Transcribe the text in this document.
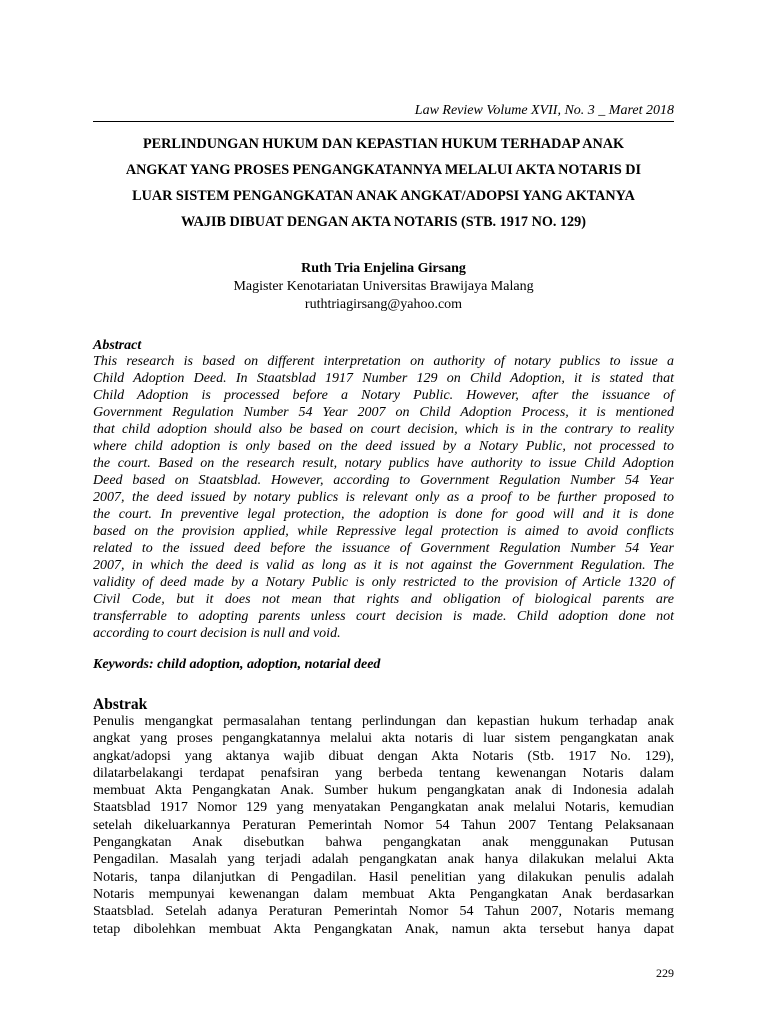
Law Review Volume XVII, No. 3 _ Maret 2018
PERLINDUNGAN HUKUM DAN KEPASTIAN HUKUM TERHADAP ANAK
ANGKAT YANG PROSES PENGANGKATANNYA MELALUI AKTA NOTARIS DI
LUAR SISTEM PENGANGKATAN ANAK ANGKAT/ADOPSI YANG AKTANYA
WAJIB DIBUAT DENGAN AKTA NOTARIS (STB. 1917 NO. 129)
Ruth Tria Enjelina Girsang
Magister Kenotariatan Universitas Brawijaya Malang
ruthtriagirsang@yahoo.com
Abstract
This research is based on different interpretation on authority of notary publics to issue a
Child Adoption Deed. In Staatsblad 1917 Number 129 on Child Adoption, it is stated that
Child Adoption is processed before a Notary Public. However, after the issuance of
Government Regulation Number 54 Year 2007 on Child Adoption Process, it is mentioned
that child adoption should also be based on court decision, which is in the contrary to reality
where child adoption is only based on the deed issued by a Notary Public, not processed to
the court. Based on the research result, notary publics have authority to issue Child Adoption
Deed based on Staatsblad. However, according to Government Regulation Number 54 Year
2007, the deed issued by notary publics is relevant only as a proof to be further proposed to
the court. In preventive legal protection, the adoption is done for good will and it is done
based on the provision applied, while Repressive legal protection is aimed to avoid conflicts
related to the issued deed before the issuance of Government Regulation Number 54 Year
2007, in which the deed is valid as long as it is not against the Government Regulation. The
validity of deed made by a Notary Public is only restricted to the provision of Article 1320 of
Civil Code, but it does not mean that rights and obligation of biological parents are
transferrable to adopting parents unless court decision is made. Child adoption done not
according to court decision is null and void.
Keywords: child adoption, adoption, notarial deed
Abstrak
Penulis mengangkat permasalahan tentang perlindungan dan kepastian hukum terhadap anak
angkat yang proses pengangkatannya melalui akta notaris di luar sistem pengangkatan anak
angkat/adopsi yang aktanya wajib dibuat dengan Akta Notaris (Stb. 1917 No. 129),
dilatarbelakangi terdapat penafsiran yang berbeda tentang kewenangan Notaris dalam
membuat Akta Pengangkatan Anak. Sumber hukum pengangkatan anak di Indonesia adalah
Staatsblad 1917 Nomor 129 yang menyatakan Pengangkatan anak melalui Notaris, kemudian
setelah dikeluarkannya Peraturan Pemerintah Nomor 54 Tahun 2007 Tentang Pelaksanaan
Pengangkatan Anak disebutkan bahwa pengangkatan anak menggunakan Putusan
Pengadilan. Masalah yang terjadi adalah pengangkatan anak hanya dilakukan melalui Akta
Notaris, tanpa dilanjutkan di Pengadilan. Hasil penelitian yang dilakukan penulis adalah
Notaris mempunyai kewenangan dalam membuat Akta Pengangkatan Anak berdasarkan
Staatsblad. Setelah adanya Peraturan Pemerintah Nomor 54 Tahun 2007, Notaris memang
tetap dibolehkan membuat Akta Pengangkatan Anak, namun akta tersebut hanya dapat
229
